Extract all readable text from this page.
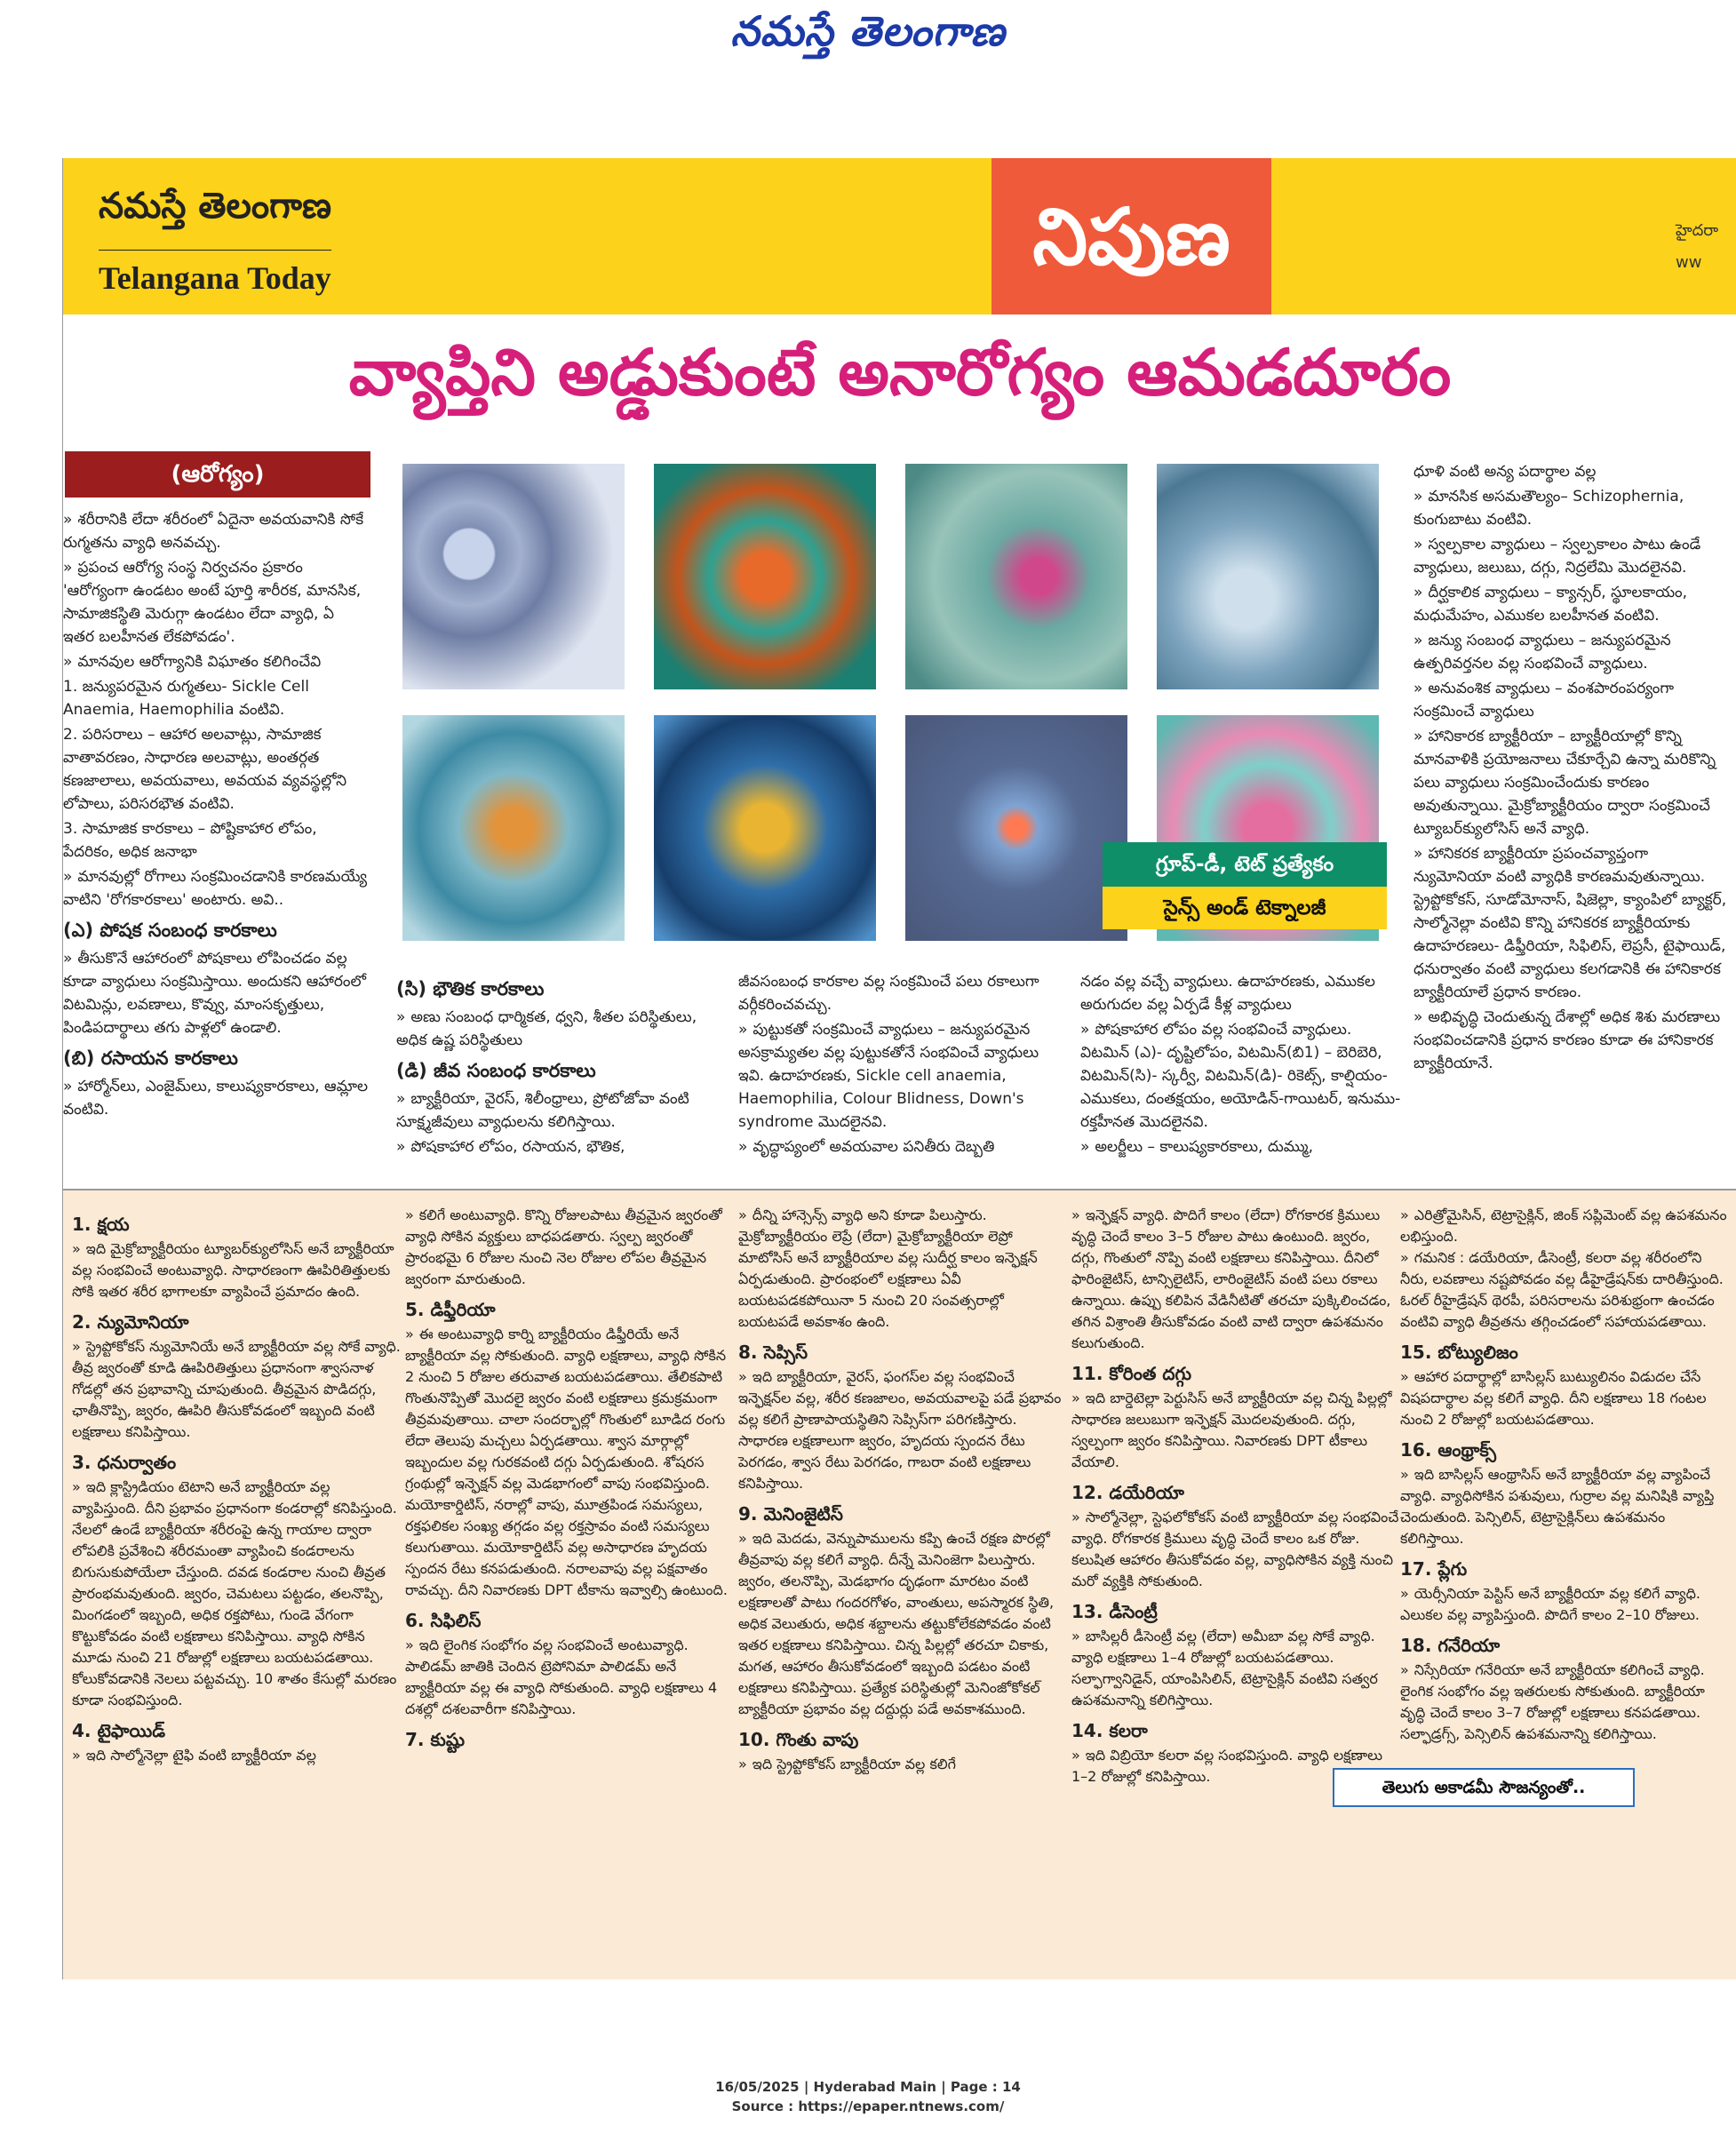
నమస్తే తెలంగాణ
నమస్తే తెలంగాణ
Telangana Today	నిపుణ	హైదరా
ww
వ్యాప్తిని అడ్డుకుంటే అనారోగ్యం ఆమడదూరం
(ఆరోగ్యం)

» శరీరానికి లేదా శరీరంలో ఏదైనా అవయవానికి సోకే రుగ్మతను వ్యాధి అనవచ్చు.

» ప్రపంచ ఆరోగ్య సంస్థ నిర్వచనం ప్రకారం 'ఆరోగ్యంగా ఉండటం అంటే పూర్తి శారీరక, మానసిక, సామాజికస్థితి మెరుగ్గా ఉండటం లేదా వ్యాధి, ఏ ఇతర బలహీనత లేకపోవడం'.

» మానవుల ఆరోగ్యానికి విఘాతం కలిగించేవి

1. జన్యుపరమైన రుగ్మతలు- Sickle Cell Anaemia, Haemophilia వంటివి.

2. పరిసరాలు – ఆహార అలవాట్లు, సామాజిక వాతావరణం, సాధారణ అలవాట్లు, అంతర్గత కణజాలాలు, అవయవాలు, అవయవ వ్యవస్థల్లోని లోపాలు, పరిసరభౌత వంటివి.

3. సామాజిక కారకాలు – పోష్టికాహార లోపం, పేదరికం, అధిక జనాభా

» మానవుల్లో రోగాలు సంక్రమించడానికి కారణమయ్యే వాటిని 'రోగకారకాలు' అంటారు. అవి..

(ఎ) పోషక సంబంధ కారకాలు

» తీసుకొనే ఆహారంలో పోషకాలు లోపించడం వల్ల కూడా వ్యాధులు సంక్రమిస్తాయి. అందుకని ఆహారంలో విటమిన్లు, లవణాలు, కొవ్వు, మాంసకృత్తులు, పిండిపదార్థాలు తగు పాళ్లలో ఉండాలి.

(బి) రసాయన కారకాలు

» హార్మోన్‌లు, ఎంజైమ్‌లు, కాలుష్యకారకాలు, ఆమ్లాల వంటివి.

గ్రూప్-డీ, టెట్ ప్రత్యేకం
సైన్స్ అండ్ టెక్నాలజీ
(సి) భౌతిక కారకాలు

» అణు సంబంధ ధార్మికత, ధ్వని, శీతల పరిస్థితులు, అధిక ఉష్ణ పరిస్థితులు

(డి) జీవ సంబంధ కారకాలు

» బ్యాక్టీరియా, వైరస్, శిలీంధ్రాలు, ప్రోటోజోవా వంటి సూక్ష్మజీవులు వ్యాధులను కలిగిస్తాయి.

» పోషకాహార లోపం, రసాయన, భౌతిక,

జీవసంబంధ కారకాల వల్ల సంక్రమించే పలు రకాలుగా వర్గీకరించవచ్చు.

» పుట్టుకతో సంక్రమించే వ్యాధులు – జన్యుపరమైన అసక్రామ్యతల వల్ల పుట్టుకతోనే సంభవించే వ్యాధులు ఇవి. ఉదాహరణకు, Sickle cell anaemia, Haemophilia, Colour Blidness, Down's syndrome మొదలైనవి.

» వృద్ధాప్యంలో అవయవాల పనితీరు దెబ్బతి

నడం వల్ల వచ్చే వ్యాధులు. ఉదాహరణకు, ఎముకల అరుగుదల వల్ల ఏర్పడే కీళ్ల వ్యాధులు

» పోషకాహార లోపం వల్ల సంభవించే వ్యాధులు. విటమిన్ (ఎ)- దృష్టిలోపం, విటమిన్(బి1) – బెరిబెరి, విటమిన్(సి)- స్కర్వీ, విటమిన్(డి)- రికెట్స్, కాల్షియం- ఎముకలు, దంతక్షయం, అయోడిన్-గాయిటర్, ఇనుము-రక్తహీనత మొదలైనవి.

» అలర్జీలు – కాలుష్యకారకాలు, దుమ్ము,

ధూళి వంటి అన్య పదార్థాల వల్ల

» మానసిక అసమతౌల్యం– Schizophernia, కుంగుబాటు వంటివి.

» స్వల్పకాల వ్యాధులు – స్వల్పకాలం పాటు ఉండే వ్యాధులు, జలుబు, దగ్గు, నిద్రలేమి మొదలైనవి.

» దీర్ఘకాలిక వ్యాధులు – క్యాన్సర్, స్థూలకాయం, మధుమేహం, ఎముకల బలహీనత వంటివి.

» జన్యు సంబంధ వ్యాధులు – జన్యుపరమైన ఉత్పరివర్తనల వల్ల సంభవించే వ్యాధులు.

» అనువంశిక వ్యాధులు – వంశపారంపర్యంగా సంక్రమించే వ్యాధులు

» హానికారక బ్యాక్టీరియా – బ్యాక్టీరియాల్లో కొన్ని మానవాళికి ప్రయోజనాలు చేకూర్చేవి ఉన్నా మరికొన్ని పలు వ్యాధులు సంక్రమించేందుకు కారణం అవుతున్నాయి. మైక్రోబ్యాక్టీరియం ద్వారా సంక్రమించే ట్యూబర్‌క్యులోసిస్ అనే వ్యాధి.

» హానికరక బ్యాక్టీరియా ప్రపంచవ్యాప్తంగా న్యుమోనియా వంటి వ్యాధికి కారణమవుతున్నాయి. స్ట్రెప్టోకోకస్, సూడోమోనాస్, షిజెల్లా, క్యాంపిలో బ్యాక్టర్, సాల్మోనెల్లా వంటివి కొన్ని హానికరక బ్యాక్టీరియాకు ఉదాహరణలు- డిఫ్తీరియా, సిఫిలిస్, లెప్రసీ, టైఫాయిడ్, ధనుర్వాతం వంటి వ్యాధులు కలగడానికి ఈ హానికారక బ్యాక్టీరియాలే ప్రధాన కారణం.

» అభివృద్ధి చెందుతున్న దేశాల్లో అధిక శిశు మరణాలు సంభవించడానికి ప్రధాన కారణం కూడా ఈ హానికారక బ్యాక్టీరియానే.

1. క్షయ

» ఇది మైక్రోబ్యాక్టీరియం ట్యూబర్‌క్యులోసిస్ అనే బ్యాక్టీరియా వల్ల సంభవించే అంటువ్యాధి. సాధారణంగా ఊపిరితిత్తులకు సోకి ఇతర శరీర భాగాలకూ వ్యాపించే ప్రమాదం ఉంది.

2. న్యుమోనియా

» స్ట్రెప్టోకోకస్ న్యుమోనియే అనే బ్యాక్టీరియా వల్ల సోకే వ్యాధి. తీవ్ర జ్వరంతో కూడి ఊపిరితిత్తులు ప్రధానంగా శ్వాసనాళ గోడల్లో తన ప్రభావాన్ని చూపుతుంది. తీవ్రమైన పొడిదగ్గు, ఛాతీనొప్పి, జ్వరం, ఊపిరి తీసుకోవడంలో ఇబ్బంది వంటి లక్షణాలు కనిపిస్తాయి.

3. ధనుర్వాతం

» ఇది క్లాస్ట్రిడియం టెటాని అనే బ్యాక్టీరియా వల్ల వ్యాపిస్తుంది. దీని ప్రభావం ప్రధానంగా కండరాల్లో కనిపిస్తుంది. నేలలో ఉండే బ్యాక్టీరియా శరీరంపై ఉన్న గాయాల ద్వారా లోపలికి ప్రవేశించి శరీరమంతా వ్యాపించి కండరాలను బిగుసుకుపోయేలా చేస్తుంది. దవడ కండరాల నుంచి తీవ్రత ప్రారంభమవుతుంది. జ్వరం, చెమటలు పట్టడం, తలనొప్పి, మింగడంలో ఇబ్బంది, అధిక రక్తపోటు, గుండె వేగంగా కొట్టుకోవడం వంటి లక్షణాలు కనిపిస్తాయి. వ్యాధి సోకిన మూడు నుంచి 21 రోజుల్లో లక్షణాలు బయటపడతాయి. కోలుకోవడానికి నెలలు పట్టవచ్చు. 10 శాతం కేసుల్లో మరణం కూడా సంభవిస్తుంది.

4. టైఫాయిడ్

» ఇది సాల్మోనెల్లా టైఫి వంటి బ్యాక్టీరియా వల్ల

» కలిగే అంటువ్యాధి. కొన్ని రోజులపాటు తీవ్రమైన జ్వరంతో వ్యాధి సోకిన వ్యక్తులు బాధపడతారు. స్వల్ప జ్వరంతో ప్రారంభమై 6 రోజుల నుంచి నెల రోజుల లోపల తీవ్రమైన జ్వరంగా మారుతుంది.

5. డిఫ్తీరియా

» ఈ అంటువ్యాధి కార్ని బ్యాక్టీరియం డిఫ్తీరియే అనే బ్యాక్టీరియా వల్ల సోకుతుంది. వ్యాధి లక్షణాలు, వ్యాధి సోకిన 2 నుంచి 5 రోజుల తరువాత బయటపడతాయి. తేలికపాటి గొంతునొప్పితో మొదలై జ్వరం వంటి లక్షణాలు క్రమక్రమంగా తీవ్రమవుతాయి. చాలా సందర్భాల్లో గొంతులో బూడిద రంగు లేదా తెలుపు మచ్చలు ఏర్పడతాయి. శ్వాస మార్గాల్లో ఇబ్బందుల వల్ల గురకవంటి దగ్గు ఏర్పడుతుంది. శోషరస గ్రంథుల్లో ఇన్ఫెక్షన్ వల్ల మెడభాగంలో వాపు సంభవిస్తుంది. మయోకార్డిటిస్, నరాల్లో వాపు, మూత్రపిండ సమస్యలు, రక్తఫలికల సంఖ్య తగ్గడం వల్ల రక్తస్రావం వంటి సమస్యలు కలుగుతాయి. మయోకార్డిటిస్ వల్ల అసాధారణ హృదయ స్పందన రేటు కనపడుతుంది. నరాలవాపు వల్ల పక్షవాతం రావచ్చు. దీని నివారణకు DPT టీకాను ఇవ్వాల్సి ఉంటుంది.

6. సిఫిలిస్

» ఇది లైంగిక సంభోగం వల్ల సంభవించే అంటువ్యాధి. పాలిడమ్ జాతికి చెందిన ట్రెపోనిమా పాలిడమ్ అనే బ్యాక్టీరియా వల్ల ఈ వ్యాధి సోకుతుంది. వ్యాధి లక్షణాలు 4 దశల్లో దశలవారీగా కనిపిస్తాయి.

7. కుష్టు

» దీన్ని హాన్సెన్స్ వ్యాధి అని కూడా పిలుస్తారు. మైక్రోబ్యాక్టీరియం లెప్రే (లేదా) మైక్రోబ్యాక్టీరియా లెప్రో మాటోసిస్ అనే బ్యాక్టీరియాల వల్ల సుదీర్ఘ కాలం ఇన్ఫెక్షన్ ఏర్పడుతుంది. ప్రారంభంలో లక్షణాలు ఏవీ బయటపడకపోయినా 5 నుంచి 20 సంవత్సరాల్లో బయటపడే అవకాశం ఉంది.

8. సెప్సిస్

» ఇది బ్యాక్టీరియా, వైరస్, ఫంగస్‌ల వల్ల సంభవించే ఇన్ఫెక్షన్‌ల వల్ల, శరీర కణజాలం, అవయవాలపై పడే ప్రభావం వల్ల కలిగే ప్రాణాపాయస్థితిని సెప్సిస్‌గా పరిగణిస్తారు. సాధారణ లక్షణాలుగా జ్వరం, హృదయ స్పందన రేటు పెరగడం, శ్వాస రేటు పెరగడం, గాబరా వంటి లక్షణాలు కనిపిస్తాయి.

9. మెనింజైటిస్

» ఇది మెదడు, వెన్నుపాములను కప్పి ఉంచే రక్షణ పొరల్లో తీవ్రవాపు వల్ల కలిగే వ్యాధి. దీన్నే మెనింజెగా పిలుస్తారు. జ్వరం, తలనొప్పి, మెడభాగం దృఢంగా మారటం వంటి లక్షణాలతో పాటు గందరగోళం, వాంతులు, అపస్మారక స్థితి, అధిక వెలుతురు, అధిక శబ్దాలను తట్టుకోలేకపోవడం వంటి ఇతర లక్షణాలు కనిపిస్తాయి. చిన్న పిల్లల్లో తరచూ చికాకు, మగత, ఆహారం తీసుకోవడంలో ఇబ్బంది పడటం వంటి లక్షణాలు కనిపిస్తాయి. ప్రత్యేక పరిస్థితుల్లో మెనింజోకోకల్ బ్యాక్టీరియా ప్రభావం వల్ల దద్దుర్లు పడే అవకాశముంది.

10. గొంతు వాపు

» ఇది స్ట్రెప్టోకోకస్ బ్యాక్టీరియా వల్ల కలిగే

» ఇన్ఫెక్షన్ వ్యాధి. పొదిగే కాలం (లేదా) రోగకారక క్రిములు వృద్ధి చెందే కాలం 3–5 రోజుల పాటు ఉంటుంది. జ్వరం, దగ్గు, గొంతులో నొప్పి వంటి లక్షణాలు కనిపిస్తాయి. దీనిలో ఫారింజైటిస్, టాన్సిలైటిస్, లారింజైటిస్ వంటి పలు రకాలు ఉన్నాయి. ఉప్పు కలిపిన వేడినీటితో తరచూ పుక్కిలించడం, తగిన విశ్రాంతి తీసుకోవడం వంటి వాటి ద్వారా ఉపశమనం కలుగుతుంది.

11. కోరింత దగ్గు

» ఇది బార్డెటెల్లా పెర్టుసిస్ అనే బ్యాక్టీరియా వల్ల చిన్న పిల్లల్లో సాధారణ జలుబుగా ఇన్ఫెక్షన్ మొదలవుతుంది. దగ్గు, స్వల్పంగా జ్వరం కనిపిస్తాయి. నివారణకు DPT టీకాలు వేయాలి.

12. డయేరియా

» సాల్మోనెల్లా, స్టెఫలోకోకస్ వంటి బ్యాక్టీరియా వల్ల సంభవించే వ్యాధి. రోగకారక క్రిములు వృద్ధి చెందే కాలం ఒక రోజు. కలుషిత ఆహారం తీసుకోవడం వల్ల, వ్యాధిసోకిన వ్యక్తి నుంచి మరో వ్యక్తికి సోకుతుంది.

13. డీసెంట్రీ

» బాసిల్లరీ డీసెంట్రీ వల్ల (లేదా) అమీబా వల్ల సోకే వ్యాధి. వ్యాధి లక్షణాలు 1–4 రోజుల్లో బయటపడతాయి. సల్ఫాగ్వానిడైన్, యాంపిసిలిన్, టెట్రాసైక్లిన్ వంటివి సత్వర ఉపశమనాన్ని కలిగిస్తాయి.

14. కలరా

» ఇది విబ్రియో కలరా వల్ల సంభవిస్తుంది. వ్యాధి లక్షణాలు 1–2 రోజుల్లో కనిపిస్తాయి.

» ఎరిత్రోమైసిన్, టెట్రాసైక్లిన్, జింక్ సప్లిమెంట్ వల్ల ఉపశమనం లభిస్తుంది.

» గమనిక : డయేరియా, డీసెంట్రీ, కలరా వల్ల శరీరంలోని నీరు, లవణాలు నష్టపోవడం వల్ల డీహైడ్రేషన్‌కు దారితీస్తుంది. ఓరల్ రీహైడ్రేషన్ థెరపీ, పరిసరాలను పరిశుభ్రంగా ఉంచడం వంటివి వ్యాధి తీవ్రతను తగ్గించడంలో సహాయపడతాయి.

15. బోట్యులిజం

» ఆహార పదార్థాల్లో బాసిల్లస్ బుట్యులినం విడుదల చేసే విషపదార్థాల వల్ల కలిగే వ్యాధి. దీని లక్షణాలు 18 గంటల నుంచి 2 రోజుల్లో బయటపడతాయి.

16. ఆంథ్రాక్స్

» ఇది బాసిల్లస్ ఆంథ్రాసిస్ అనే బ్యాక్టీరియా వల్ల వ్యాపించే వ్యాధి. వ్యాధిసోకిన పశువులు, గుర్రాల వల్ల మనిషికి వ్యాప్తి చెందుతుంది. పెన్సిలిన్, టెట్రాసైక్లిన్‌లు ఉపశమనం కలిగిస్తాయి.

17. ప్లేగు

» యెర్సీనియా పెస్టిస్ అనే బ్యాక్టీరియా వల్ల కలిగే వ్యాధి. ఎలుకల వల్ల వ్యాపిస్తుంది. పొదిగే కాలం 2–10 రోజులు.

18. గనేరియా

» నిస్సేరియా గనేరియా అనే బ్యాక్టీరియా కలిగించే వ్యాధి. లైంగిక సంభోగం వల్ల ఇతరులకు సోకుతుంది. బ్యాక్టీరియా వృద్ధి చెందే కాలం 3–7 రోజుల్లో లక్షణాలు కనపడతాయి. సల్ఫాడ్రగ్స్, పెన్సిలిన్ ఉపశమనాన్ని కలిగిస్తాయి.

తెలుగు అకాడమీ సౌజన్యంతో..
16/05/2025 | Hyderabad Main | Page : 14
Source : https://epaper.ntnews.com/
